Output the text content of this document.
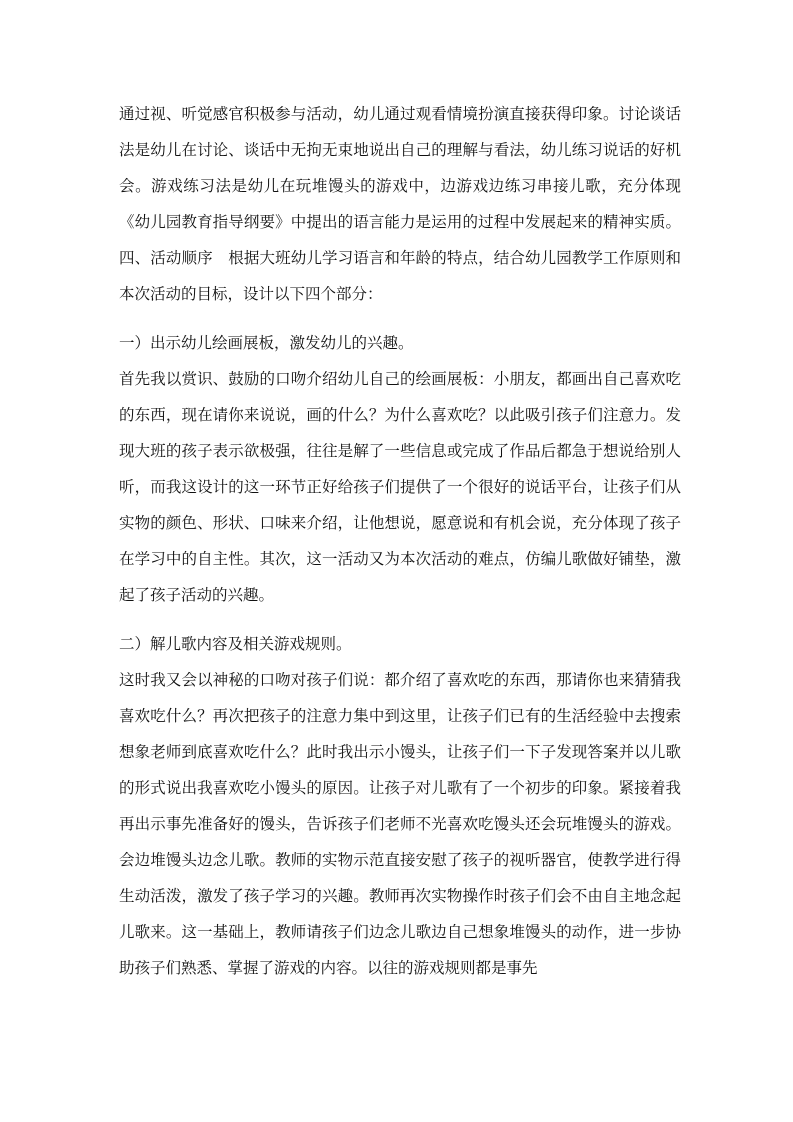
通过视、听觉感官积极参与活动，幼儿通过观看情境扮演直接获得印象。讨论谈话法是幼儿在讨论、谈话中无拘无束地说出自己的理解与看法，幼儿练习说话的好机会。游戏练习法是幼儿在玩堆馒头的游戏中，边游戏边练习串接儿歌，充分体现《幼儿园教育指导纲要》中提出的语言能力是运用的过程中发展起来的精神实质。四、活动顺序　根据大班幼儿学习语言和年龄的特点，结合幼儿园教学工作原则和本次活动的目标，设计以下四个部分：

一）出示幼儿绘画展板，激发幼儿的兴趣。

首先我以赏识、鼓励的口吻介绍幼儿自己的绘画展板：小朋友，都画出自己喜欢吃的东西，现在请你来说说，画的什么？为什么喜欢吃？以此吸引孩子们注意力。发现大班的孩子表示欲极强，往往是解了一些信息或完成了作品后都急于想说给别人听，而我这设计的这一环节正好给孩子们提供了一个很好的说话平台，让孩子们从实物的颜色、形状、口味来介绍，让他想说，愿意说和有机会说，充分体现了孩子在学习中的自主性。其次，这一活动又为本次活动的难点，仿编儿歌做好铺垫，激起了孩子活动的兴趣。

二）解儿歌内容及相关游戏规则。

这时我又会以神秘的口吻对孩子们说：都介绍了喜欢吃的东西，那请你也来猜猜我喜欢吃什么？再次把孩子的注意力集中到这里，让孩子们已有的生活经验中去搜索想象老师到底喜欢吃什么？此时我出示小馒头，让孩子们一下子发现答案并以儿歌的形式说出我喜欢吃小馒头的原因。让孩子对儿歌有了一个初步的印象。紧接着我再出示事先准备好的馒头，告诉孩子们老师不光喜欢吃馒头还会玩堆馒头的游戏。会边堆馒头边念儿歌。教师的实物示范直接安慰了孩子的视听器官，使教学进行得生动活泼，激发了孩子学习的兴趣。教师再次实物操作时孩子们会不由自主地念起儿歌来。这一基础上，教师请孩子们边念儿歌边自己想象堆馒头的动作，进一步协助孩子们熟悉、掌握了游戏的内容。以往的游戏规则都是事先
